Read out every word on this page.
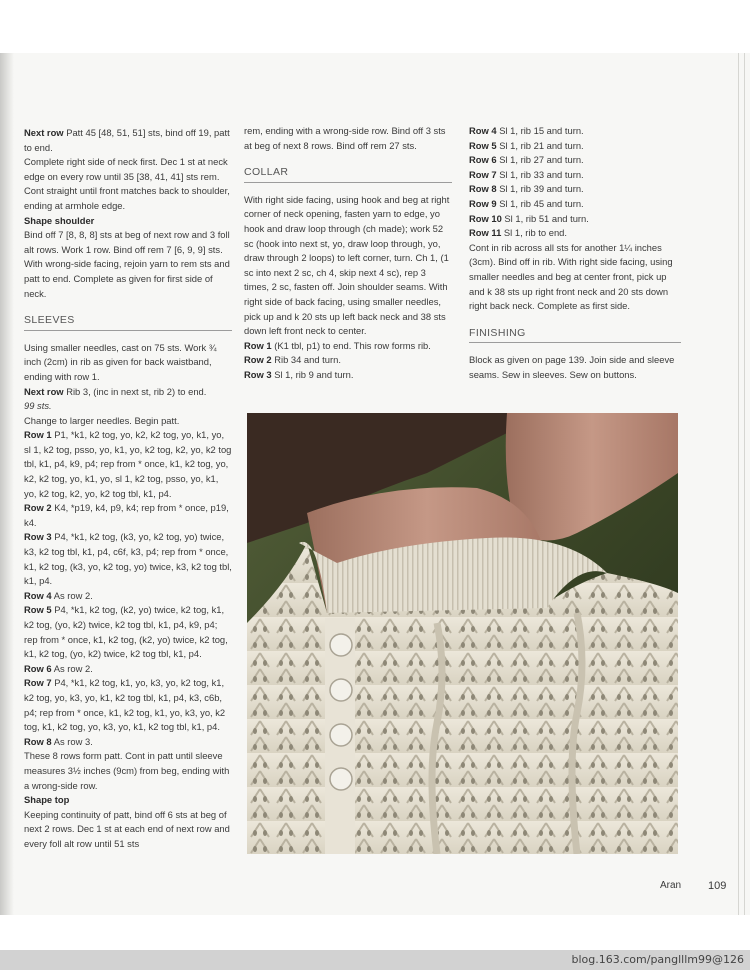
Next row Patt 45 [48, 51, 51] sts, bind off 19, patt to end.

Complete right side of neck first. Dec 1 st at neck edge on every row until 35 [38, 41, 41] sts rem. Cont straight until front matches back to shoulder, ending at armhole edge.

Shape shoulder

Bind off 7 [8, 8, 8] sts at beg of next row and 3 foll alt rows. Work 1 row. Bind off rem 7 [6, 9, 9] sts. With wrong-side facing, rejoin yarn to rem sts and patt to end. Complete as given for first side of neck.

SLEEVES

Using smaller needles, cast on 75 sts. Work ¾ inch (2cm) in rib as given for back waistband, ending with row 1.

Next row Rib 3, (inc in next st, rib 2) to end.

99 sts.

Change to larger needles. Begin patt.

Row 1 P1, *k1, k2 tog, yo, k2, k2 tog, yo, k1, yo, sl 1, k2 tog, psso, yo, k1, yo, k2 tog, k2, yo, k2 tog tbl, k1, p4, k9, p4; rep from * once, k1, k2 tog, yo, k2, k2 tog, yo, k1, yo, sl 1, k2 tog, psso, yo, k1, yo, k2 tog, k2, yo, k2 tog tbl, k1, p4.

Row 2 K4, *p19, k4, p9, k4; rep from * once, p19, k4.

Row 3 P4, *k1, k2 tog, (k3, yo, k2 tog, yo) twice, k3, k2 tog tbl, k1, p4, c6f, k3, p4; rep from * once, k1, k2 tog, (k3, yo, k2 tog, yo) twice, k3, k2 tog tbl, k1, p4.

Row 4 As row 2.

Row 5 P4, *k1, k2 tog, (k2, yo) twice, k2 tog, k1, k2 tog, (yo, k2) twice, k2 tog tbl, k1, p4, k9, p4; rep from * once, k1, k2 tog, (k2, yo) twice, k2 tog, k1, k2 tog, (yo, k2) twice, k2 tog tbl, k1, p4.

Row 6 As row 2.

Row 7 P4, *k1, k2 tog, k1, yo, k3, yo, k2 tog, k1, k2 tog, yo, k3, yo, k1, k2 tog tbl, k1, p4, k3, c6b, p4; rep from * once, k1, k2 tog, k1, yo, k3, yo, k2 tog, k1, k2 tog, yo, k3, yo, k1, k2 tog tbl, k1, p4.

Row 8 As row 3.

These 8 rows form patt. Cont in patt until sleeve measures 3½ inches (9cm) from beg, ending with a wrong-side row.

Shape top

Keeping continuity of patt, bind off 6 sts at beg of next 2 rows. Dec 1 st at each end of next row and every foll alt row until 51 sts

rem, ending with a wrong-side row. Bind off 3 sts at beg of next 8 rows. Bind off rem 27 sts.

COLLAR

With right side facing, using hook and beg at right corner of neck opening, fasten yarn to edge, yo hook and draw loop through (ch made); work 52 sc (hook into next st, yo, draw loop through, yo, draw through 2 loops) to left corner, turn. Ch 1, (1 sc into next 2 sc, ch 4, skip next 4 sc), rep 3 times, 2 sc, fasten off. Join shoulder seams. With right side of back facing, using smaller needles, pick up and k 20 sts up left back neck and 38 sts down left front neck to center.

Row 1 (K1 tbl, p1) to end. This row forms rib.

Row 2 Rib 34 and turn.

Row 3 Sl 1, rib 9 and turn.

Row 4 Sl 1, rib 15 and turn.

Row 5 Sl 1, rib 21 and turn.

Row 6 Sl 1, rib 27 and turn.

Row 7 Sl 1, rib 33 and turn.

Row 8 Sl 1, rib 39 and turn.

Row 9 Sl 1, rib 45 and turn.

Row 10 Sl 1, rib 51 and turn.

Row 11 Sl 1, rib to end.

Cont in rib across all sts for another 1¼ inches (3cm). Bind off in rib. With right side facing, using smaller needles and beg at center front, pick up and k 38 sts up right front neck and 20 sts down right back neck. Complete as first side.

FINISHING

Block as given on page 139. Join side and sleeve seams. Sew in sleeves. Sew on buttons.

Aran 109
blog.163.com/panglllm99@126
